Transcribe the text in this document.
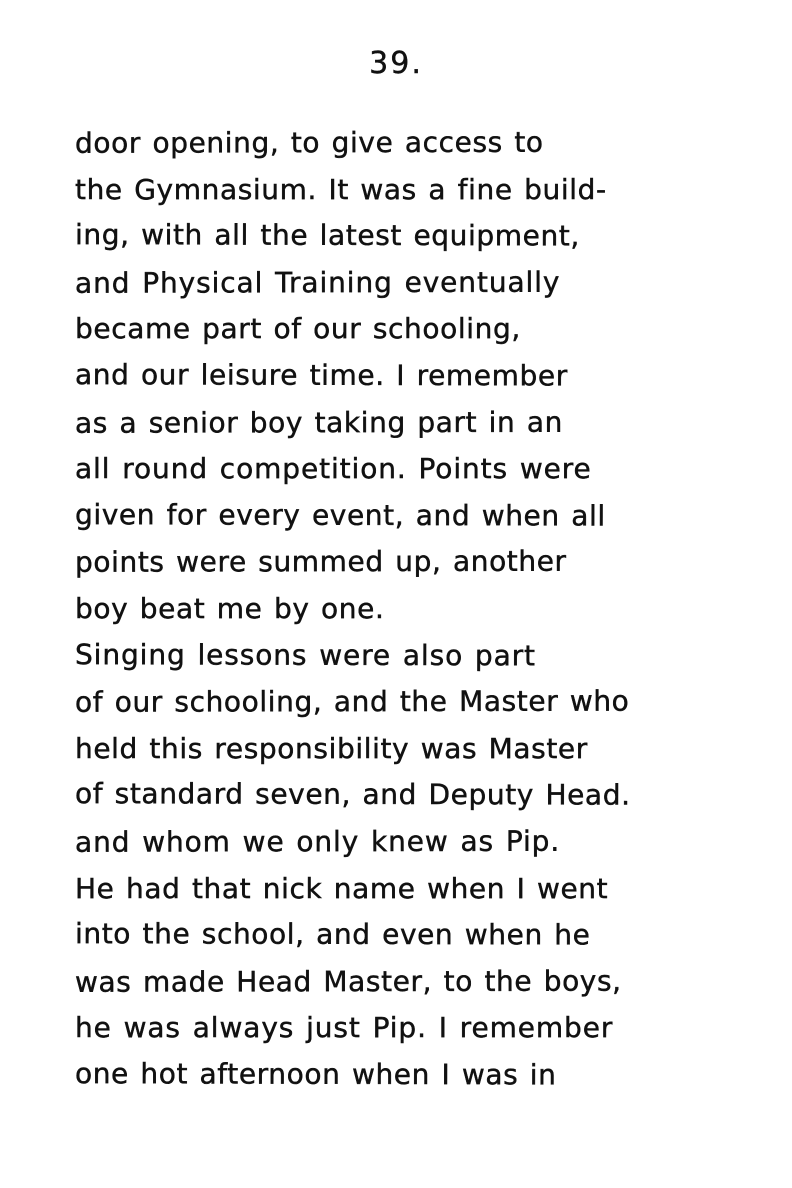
39.
door opening, to give access to
the Gymnasium. It was a fine build-
ing, with all the latest equipment,
and Physical Training eventually
became part of our schooling,
and our leisure time. I remember
as a senior boy taking part in an
all round competition. Points were
given for every event, and when all
points were summed up, another
boy beat me by one.
Singing lessons were also part
of our schooling, and the Master who
held this responsibility was Master
of standard seven, and Deputy Head.
and whom we only knew as Pip.
He had that nick name when I went
into the school, and even when he
was made Head Master, to the boys,
he was always just Pip. I remember
one hot afternoon when I was in
